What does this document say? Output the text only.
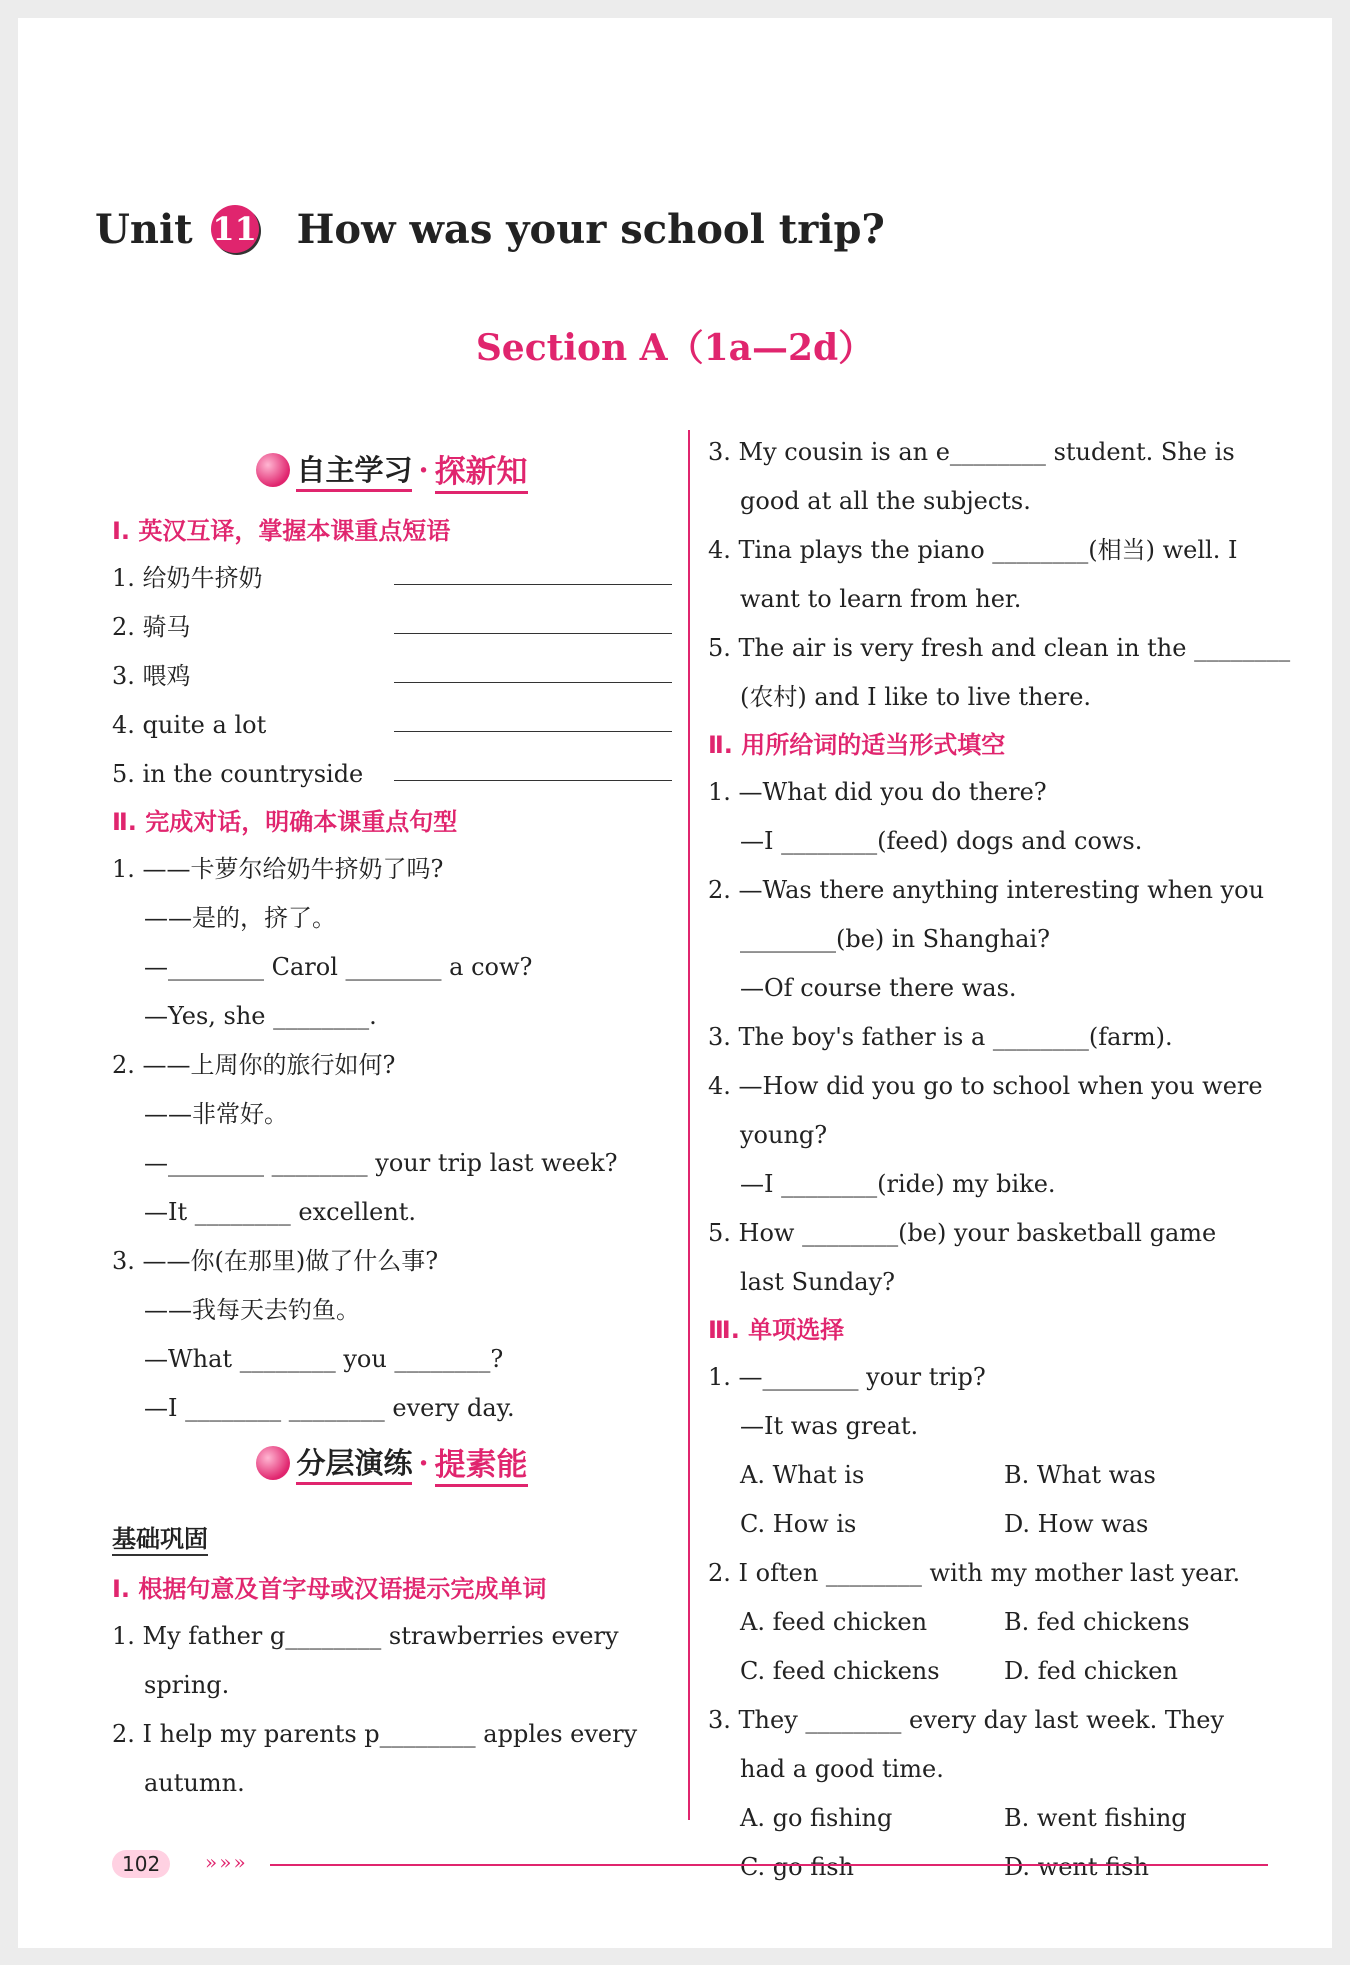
Unit 11 How was your school trip?
Section A（1a—2d）
自主学习 · 探新知
Ⅰ. 英汉互译，掌握本课重点短语
1. 给奶牛挤奶
2. 骑马
3. 喂鸡
4. quite a lot
5. in the countryside
Ⅱ. 完成对话，明确本课重点句型
1. ——卡萝尔给奶牛挤奶了吗?
——是的，挤了。
—________ Carol ________ a cow?
—Yes, she ________.
2. ——上周你的旅行如何?
——非常好。
—________ ________ your trip last week?
—It ________ excellent.
3. ——你(在那里)做了什么事?
——我每天去钓鱼。
—What ________ you ________?
—I ________ ________ every day.
分层演练 · 提素能
基础巩固
Ⅰ. 根据句意及首字母或汉语提示完成单词
1. My father g________ strawberries every
spring.
2. I help my parents p________ apples every
autumn.
3. My cousin is an e________ student. She is
good at all the subjects.
4. Tina plays the piano ________(相当) well. I
want to learn from her.
5. The air is very fresh and clean in the ________
(农村) and I like to live there.
Ⅱ. 用所给词的适当形式填空
1. —What did you do there?
—I ________(feed) dogs and cows.
2. —Was there anything interesting when you
________(be) in Shanghai?
—Of course there was.
3. The boy's father is a ________(farm).
4. —How did you go to school when you were
young?
—I ________(ride) my bike.
5. How ________(be) your basketball game
last Sunday?
Ⅲ. 单项选择
1. —________ your trip?
—It was great.
A. What is	B. What was
C. How is	D. How was
2. I often ________ with my mother last year.
A. feed chicken	B. fed chickens
C. feed chickens	D. fed chicken
3. They ________ every day last week. They
had a good time.
A. go fishing	B. went fishing
C. go fish	D. went fish
102	»»»
